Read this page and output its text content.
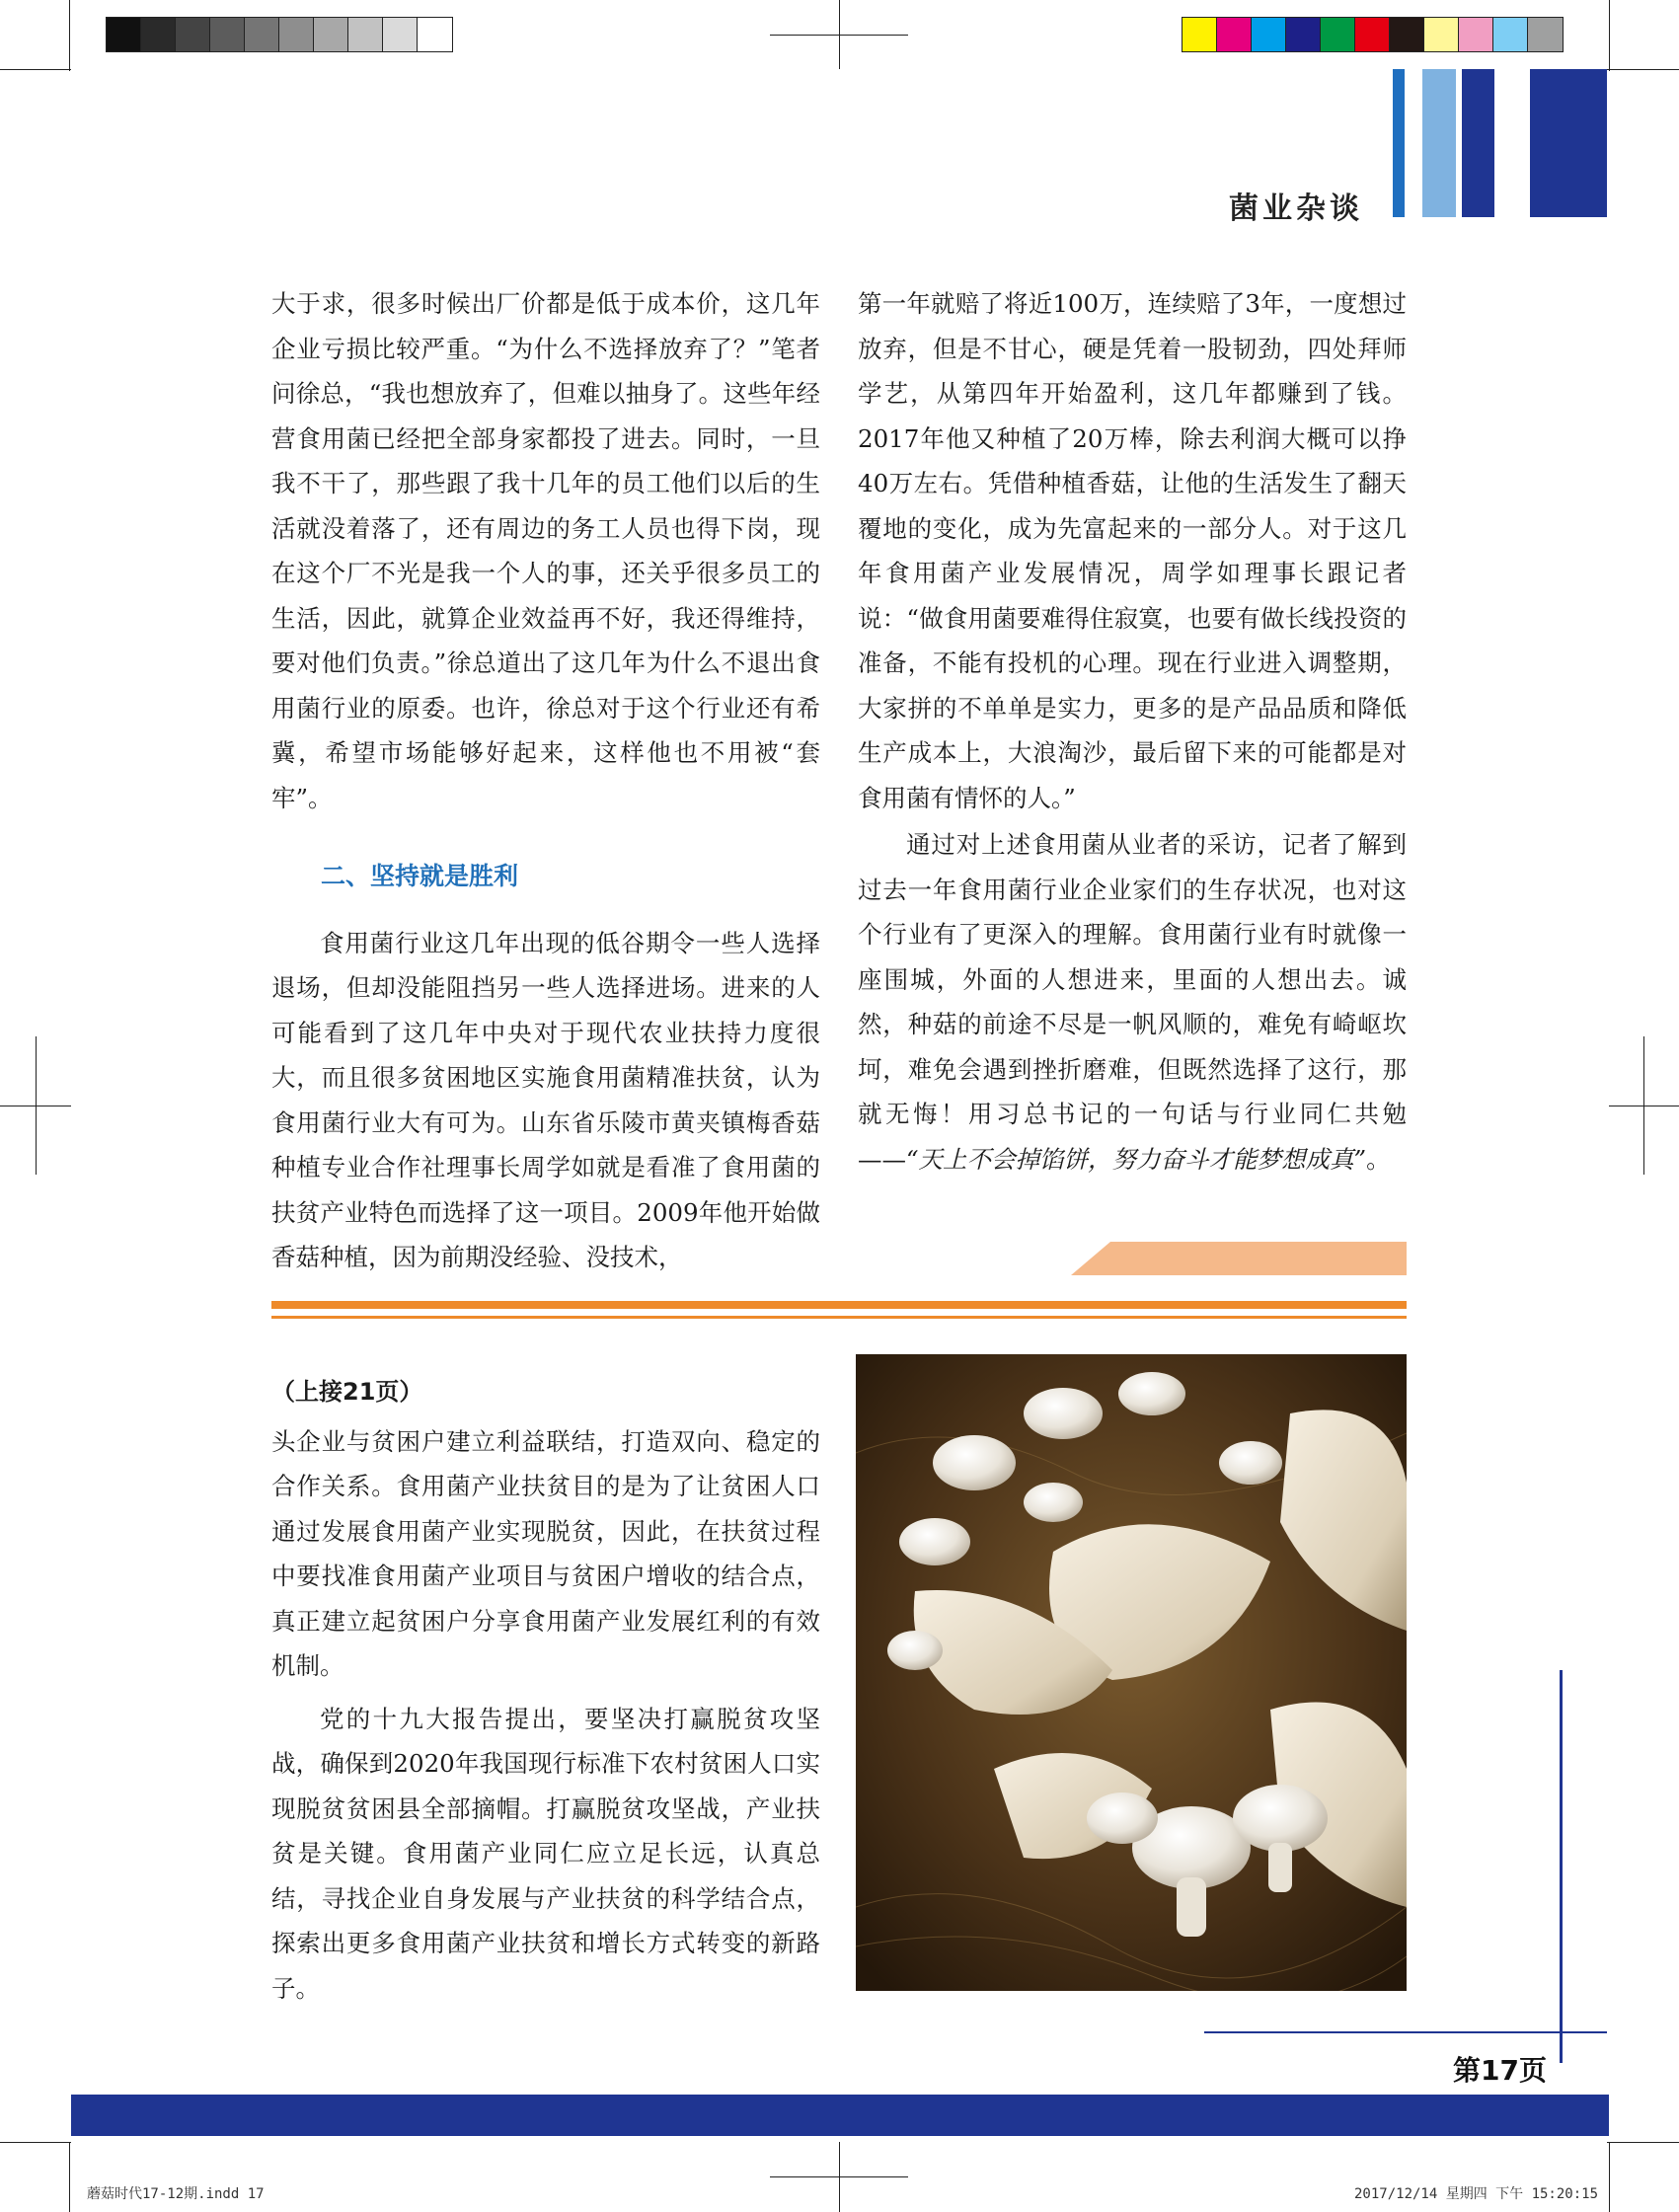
菌业杂谈

大于求，很多时候出厂价都是低于成本价，这几年企业亏损比较严重。“为什么不选择放弃了？”笔者问徐总，“我也想放弃了，但难以抽身了。这些年经营食用菌已经把全部身家都投了进去。同时，一旦我不干了，那些跟了我十几年的员工他们以后的生活就没着落了，还有周边的务工人员也得下岗，现在这个厂不光是我一个人的事，还关乎很多员工的生活，因此，就算企业效益再不好，我还得维持，要对他们负责。”徐总道出了这几年为什么不退出食用菌行业的原委。也许，徐总对于这个行业还有希冀，希望市场能够好起来，这样他也不用被“套牢”。

二、坚持就是胜利

食用菌行业这几年出现的低谷期令一些人选择退场，但却没能阻挡另一些人选择进场。进来的人可能看到了这几年中央对于现代农业扶持力度很大，而且很多贫困地区实施食用菌精准扶贫，认为食用菌行业大有可为。山东省乐陵市黄夹镇梅香菇种植专业合作社理事长周学如就是看准了食用菌的扶贫产业特色而选择了这一项目。2009年他开始做香菇种植，因为前期没经验、没技术，

第一年就赔了将近100万，连续赔了3年，一度想过放弃，但是不甘心，硬是凭着一股韧劲，四处拜师学艺，从第四年开始盈利，这几年都赚到了钱。2017年他又种植了20万棒，除去利润大概可以挣40万左右。凭借种植香菇，让他的生活发生了翻天覆地的变化，成为先富起来的一部分人。对于这几年食用菌产业发展情况，周学如理事长跟记者说：“做食用菌要难得住寂寞，也要有做长线投资的准备，不能有投机的心理。现在行业进入调整期，大家拼的不单单是实力，更多的是产品品质和降低生产成本上，大浪淘沙，最后留下来的可能都是对食用菌有情怀的人。”

通过对上述食用菌从业者的采访，记者了解到过去一年食用菌行业企业家们的生存状况，也对这个行业有了更深入的理解。食用菌行业有时就像一座围城，外面的人想进来，里面的人想出去。诚然，种菇的前途不尽是一帆风顺的，难免有崎岖坎坷，难免会遇到挫折磨难，但既然选择了这行，那就无悔！用习总书记的一句话与行业同仁共勉——“天上不会掉馅饼，努力奋斗才能梦想成真”。

（上接21页）

头企业与贫困户建立利益联结，打造双向、稳定的合作关系。食用菌产业扶贫目的是为了让贫困人口通过发展食用菌产业实现脱贫，因此，在扶贫过程中要找准食用菌产业项目与贫困户增收的结合点，真正建立起贫困户分享食用菌产业发展红利的有效机制。

党的十九大报告提出，要坚决打赢脱贫攻坚战，确保到2020年我国现行标准下农村贫困人口实现脱贫贫困县全部摘帽。打赢脱贫攻坚战，产业扶贫是关键。食用菌产业同仁应立足长远，认真总结，寻找企业自身发展与产业扶贫的科学结合点，探索出更多食用菌产业扶贫和增长方式转变的新路子。

第17页
蘑菇时代17-12期.indd 17	2017/12/14 星期四 下午 15:20:15
